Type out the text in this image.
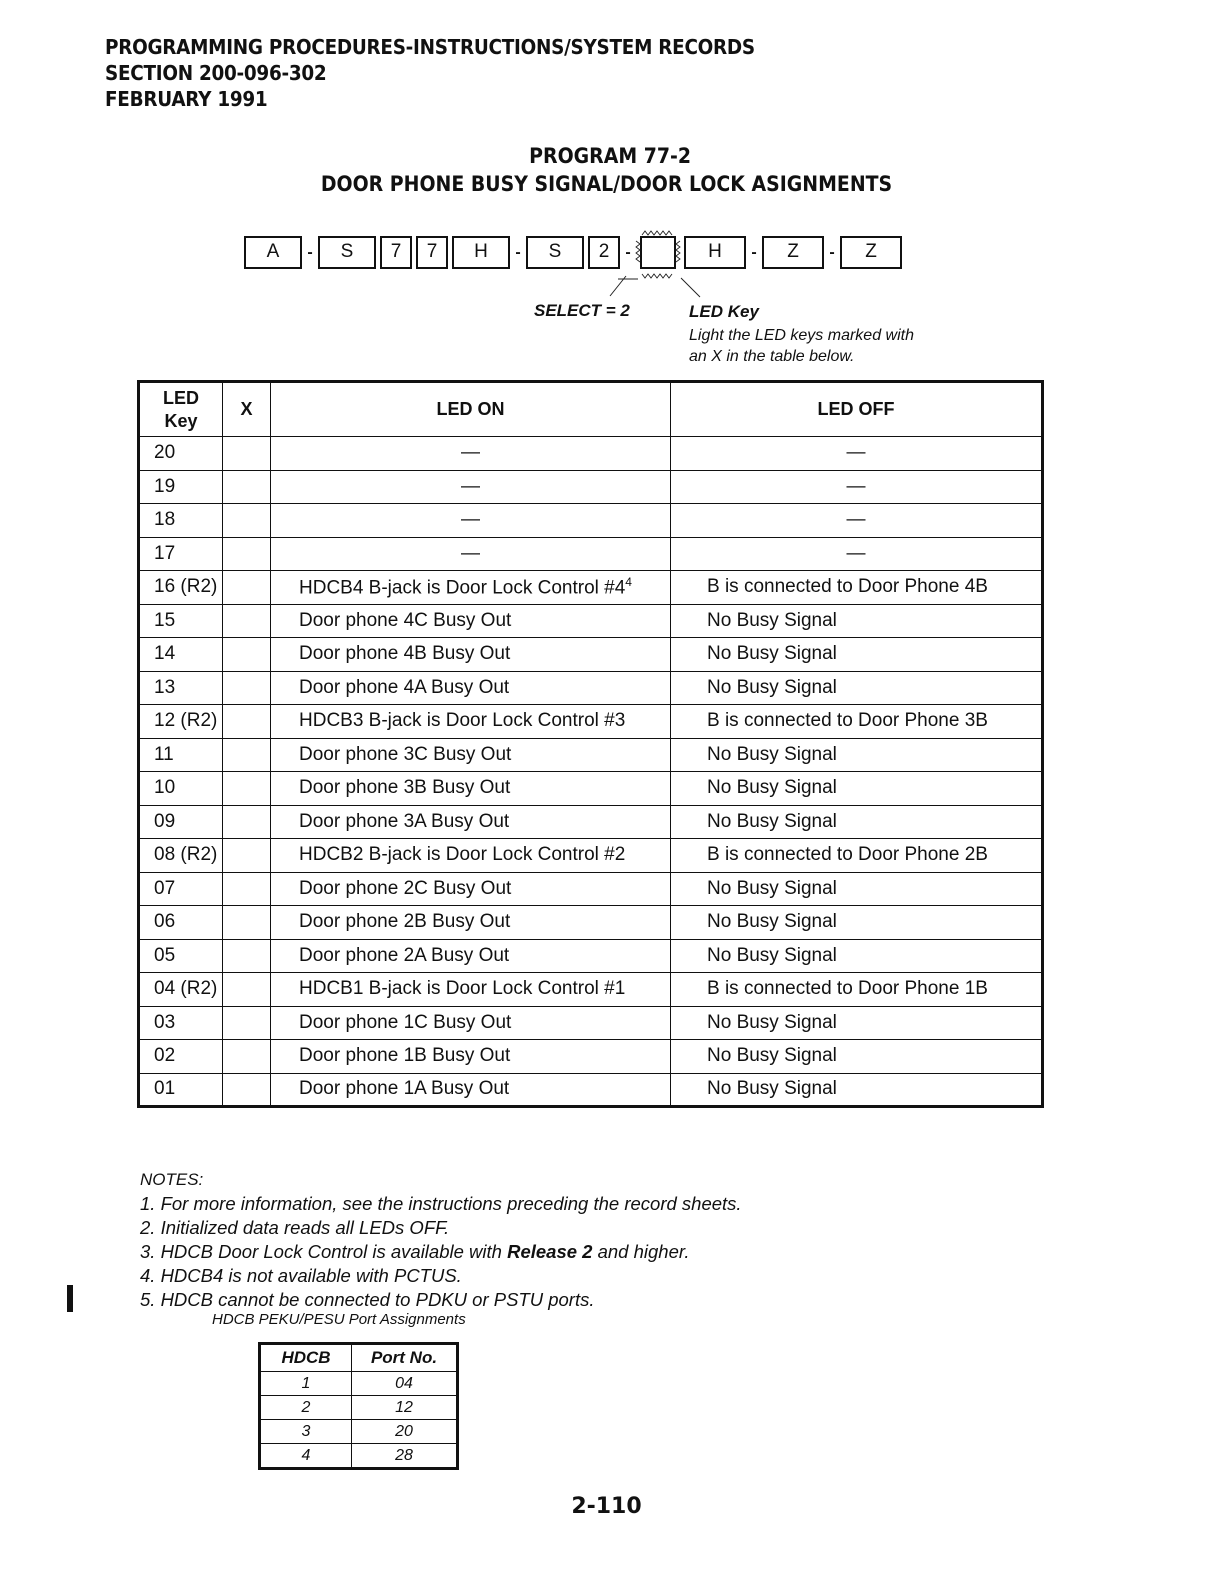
PROGRAMMING PROCEDURES-INSTRUCTIONS/SYSTEM RECORDS
SECTION 200-096-302
FEBRUARY 1991
PROGRAM 77-2
DOOR PHONE BUSY SIGNAL/DOOR LOCK ASIGNMENTS
A	-	S	7	7	H	-	S	2	-	H	-	Z	-	Z
SELECT = 2	LED Key
Light the LED keys marked with
an X in the table below.
LED
Key	X	LED ON	LED OFF
20		—	—
19		—	—
18		—	—
17		—	—
16 (R2)		HDCB4 B-jack is Door Lock Control $\#4^4$	B is connected to Door Phone 4B
15		Door phone 4C Busy Out	No Busy Signal
14		Door phone 4B Busy Out	No Busy Signal
13		Door phone 4A Busy Out	No Busy Signal
12 (R2)		HDCB3 B-jack is Door Lock Control #3	B is connected to Door Phone 3B
11		Door phone 3C Busy Out	No Busy Signal
10		Door phone 3B Busy Out	No Busy Signal
09		Door phone 3A Busy Out	No Busy Signal
08 (R2)		HDCB2 B-jack is Door Lock Control #2	B is connected to Door Phone 2B
07		Door phone 2C Busy Out	No Busy Signal
06		Door phone 2B Busy Out	No Busy Signal
05		Door phone 2A Busy Out	No Busy Signal
04 (R2)		HDCB1 B-jack is Door Lock Control #1	B is connected to Door Phone 1B
03		Door phone 1C Busy Out	No Busy Signal
02		Door phone 1B Busy Out	No Busy Signal
01		Door phone 1A Busy Out	No Busy Signal
NOTES:
1. For more information, see the instructions preceding the record sheets.
2. Initialized data reads all LEDs OFF.
3. HDCB Door Lock Control is available with Release 2 and higher.
4. HDCB4 is not available with PCTUS.
5. HDCB cannot be connected to PDKU or PSTU ports.
HDCB PEKU/PESU Port Assignments
HDCB	Port No.
1	04
2	12
3	20
4	28
2-110
